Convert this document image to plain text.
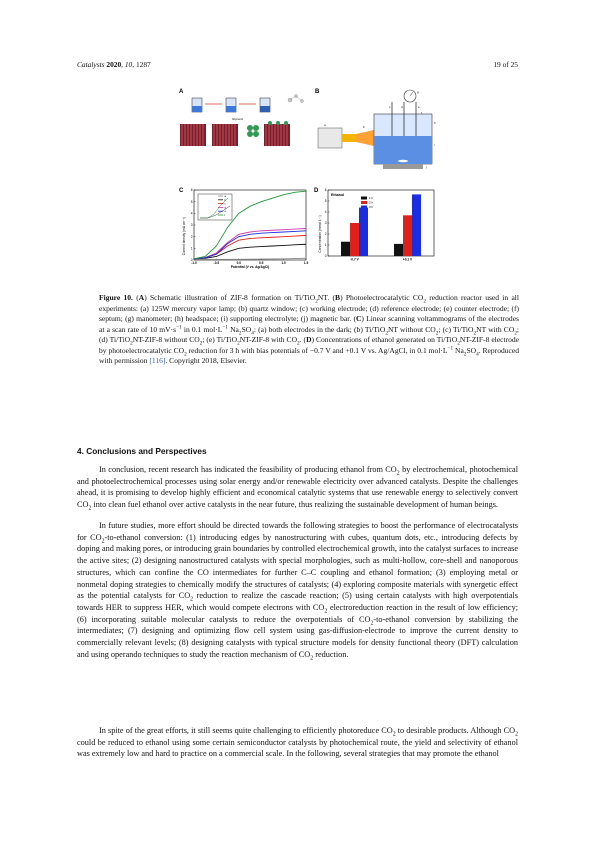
Catalysts 2020, 10, 1287	19 of 25
A
Glycerol
B
a	b
c	d	e
f
g
h
i
j
C
Current density (mA cm⁻²)
Potential (V vs. Ag/AgCl)
-1.0	-0.5	0.0	0.5	1.0	1.5
0
1
2
3
4
5
6
a
b
c
d
e
f
D
Concentration (mmol L⁻¹)
Ethanol
0
1
2
3
4
5
6
-0.7 V	+0.1 V
1 h
2 h
3 h

Figure 10. (A) Schematic illustration of ZIF-8 formation on Ti/TiO$_2$NT. (B) Photoelectrocatalytic $CO_2$ reduction reactor used in all experiments: (a) 125W mercury vapor lamp; (b) quartz window; (c) working electrode; (d) reference electrode; (e) counter electrode; (f) septum; (g) manometer; (h) headspace; (i) supporting electrolyte; (j) magnetic bar. (C) Linear scanning voltammograms of the electrodes at a scan rate of 10 $mV\cdot s^{-1}$ in 0.1 $mol\cdot L^{-1}$ $Na_2SO_4$: (a) both electrodes in the dark; (b) Ti/TiO$_2$NT without $CO_2$; (c) Ti/TiO$_2$NT with $CO_2$; (d) Ti/TiO$_2$NT-ZIF-8 without $CO_2$; (e) Ti/TiO$_2$NT-ZIF-8 with $CO_2$. (D) Concentrations of ethanol generated on Ti/TiO$_2$NT-ZIF-8 electrode by photoelectrocatalytic $CO_2$ reduction for 3 h with bias potentials of −0.7 V and +0.1 V vs. Ag/AgCl, in 0.1 $mol\cdot L^{-1}$ $Na_2SO_4$. Reproduced with permission [116]. Copyright 2018, Elsevier.

4. Conclusions and Perspectives

In conclusion, recent research has indicated the feasibility of producing ethanol from $CO_2$ by electrochemical, photochemical and photoelectrochemical processes using solar energy and/or renewable electricity over advanced catalysts. Despite the challenges ahead, it is promising to develop highly efficient and economical catalytic systems that use renewable energy to selectively convert $CO_2$ into clean fuel ethanol over active catalysts in the near future, thus realizing the sustainable development of human beings.

In future studies, more effort should be directed towards the following strategies to boost the performance of electrocatalysts for $CO_2-to$-ethanol conversion: (1) introducing edges by nanostructuring with cubes, quantum dots, etc., introducing defects by doping and making pores, or introducing grain boundaries by controlled electrochemical growth, into the catalyst surfaces to increase the active sites; (2) designing nanostructured catalysts with special morphologies, such as multi-hollow, core-shell and nanoporous structures, which can confine the CO intermediates for further C–C coupling and ethanol formation; (3) employing metal or nonmetal doping strategies to chemically modify the structures of catalysts; (4) exploring composite materials with synergetic effect as the potential catalysts for $CO_2$ reduction to realize the cascade reaction; (5) using certain catalysts with high overpotentials towards HER to suppress HER, which would compete electrons with $CO_2$ electroreduction reaction in the result of low efficiency; (6) incorporating suitable molecular catalysts to reduce the overpotentials of $CO_2-to$-ethanol conversion by stabilizing the intermediates; (7) designing and optimizing flow cell system using gas-diffusion-electrode to improve the current density to commercially relevant levels; (8) designing catalysts with typical structure models for density functional theory (DFT) calculation and using operando techniques to study the reaction mechanism of $CO_2$ reduction.

In spite of the great efforts, it still seems quite challenging to efficiently photoreduce $CO_2$ to desirable products. Although $CO_2$ could be reduced to ethanol using some certain semiconductor catalysts by photochemical route, the yield and selectivity of ethanol was extremely low and hard to practice on a commercial scale. In the following, several strategies that may promote the ethanol
